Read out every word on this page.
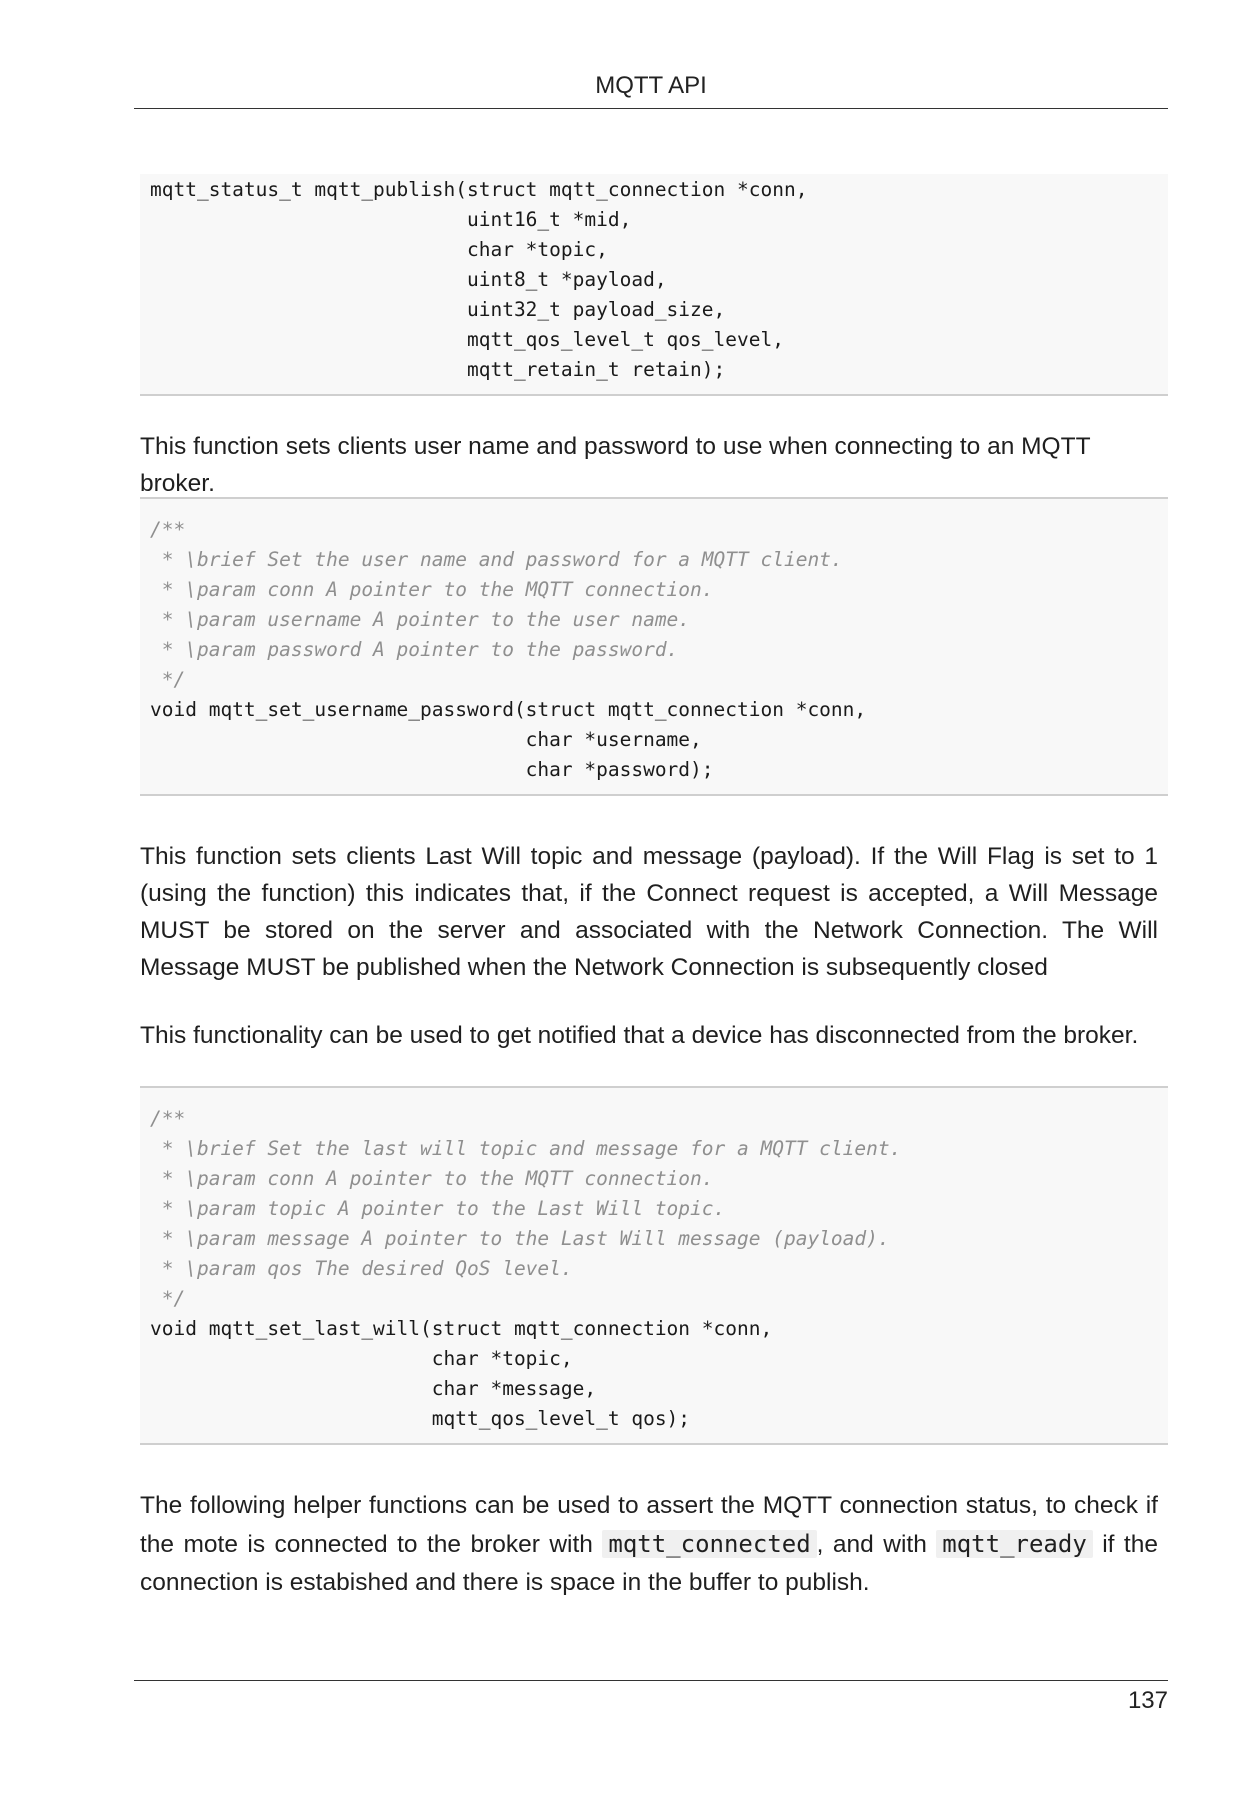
MQTT API
mqtt_status_t mqtt_publish(struct mqtt_connection *conn,
uint16_t *mid,
char *topic,
uint8_t *payload,
uint32_t payload_size,
mqtt_qos_level_t qos_level,
mqtt_retain_t retain);

This function sets clients user name and password to use when connecting to an MQTT broker.

/**
* \brief Set the user name and password for a MQTT client.
* \param conn A pointer to the MQTT connection.
* \param username A pointer to the user name.
* \param password A pointer to the password.
*/
void mqtt_set_username_password(struct mqtt_connection *conn,
char *username,
char *password);

This function sets clients Last Will topic and message (payload). If the Will Flag is set to 1 (using the function) this indicates that, if the Connect request is accepted, a Will Message MUST be stored on the server and associated with the Network Connection. The Will Message MUST be published when the Network Connection is subsequently closed

This functionality can be used to get notified that a device has disconnected from the broker.

/**
* \brief Set the last will topic and message for a MQTT client.
* \param conn A pointer to the MQTT connection.
* \param topic A pointer to the Last Will topic.
* \param message A pointer to the Last Will message (payload).
* \param qos The desired QoS level.
*/
void mqtt_set_last_will(struct mqtt_connection *conn,
char *topic,
char *message,
mqtt_qos_level_t qos);

The following helper functions can be used to assert the MQTT connection status, to check if the mote is connected to the broker with mqtt_connected , and with mqtt_ready if the connection is estabished and there is space in the buffer to publish.

137
